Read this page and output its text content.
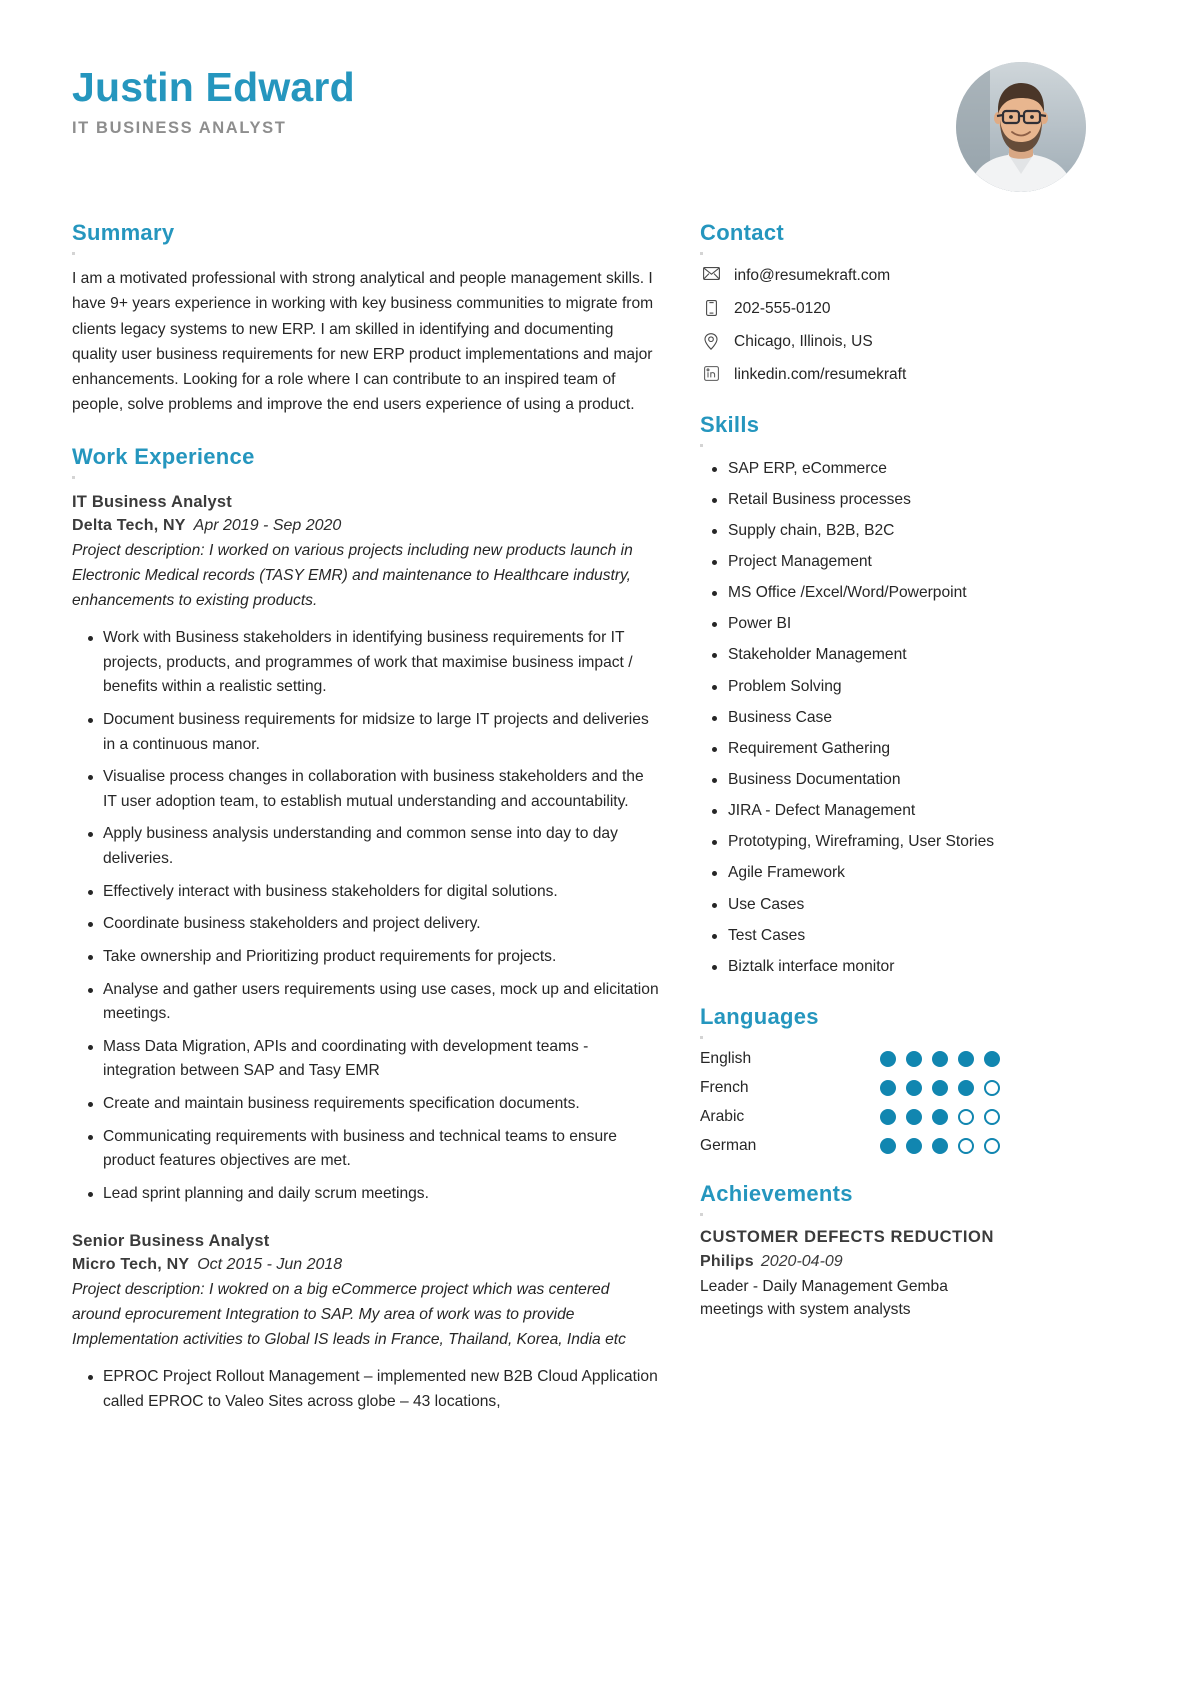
Justin Edward
IT BUSINESS ANALYST
Summary

I am a motivated professional with strong analytical and people management skills. I have 9+ years experience in working with key business communities to migrate from clients legacy systems to new ERP. I am skilled in identifying and documenting quality user business requirements for new ERP product implementations and major enhancements. Looking for a role where I can contribute to an inspired team of people, solve problems and improve the end users experience of using a product.

Work Experience
IT Business Analyst
Delta Tech, NY Apr 2019 - Sep 2020
Project description: I worked on various projects including new products launch in Electronic Medical records (TASY EMR) and maintenance to Healthcare industry, enhancements to existing products.
Work with Business stakeholders in identifying business requirements for IT projects, products, and programmes of work that maximise business impact / benefits within a realistic setting.
Document business requirements for midsize to large IT projects and deliveries in a continuous manor.
Visualise process changes in collaboration with business stakeholders and the IT user adoption team, to establish mutual understanding and accountability.
Apply business analysis understanding and common sense into day to day deliveries.
Effectively interact with business stakeholders for digital solutions.
Coordinate business stakeholders and project delivery.
Take ownership and Prioritizing product requirements for projects.
Analyse and gather users requirements using use cases, mock up and elicitation meetings.
Mass Data Migration, APIs and coordinating with development teams - integration between SAP and Tasy EMR
Create and maintain business requirements specification documents.
Communicating requirements with business and technical teams to ensure product features objectives are met.
Lead sprint planning and daily scrum meetings.
Senior Business Analyst
Micro Tech, NY Oct 2015 - Jun 2018
Project description: I wokred on a big eCommerce project which was centered around eprocurement Integration to SAP. My area of work was to provide Implementation activities to Global IS leads in France, Thailand, Korea, India etc
EPROC Project Rollout Management – implemented new B2B Cloud Application called EPROC to Valeo Sites across globe – 43 locations,
Contact
info@resumekraft.com
202-555-0120
Chicago, Illinois, US
linkedin.com/resumekraft
Skills
SAP ERP, eCommerce
Retail Business processes
Supply chain, B2B, B2C
Project Management
MS Office /Excel/Word/Powerpoint
Power BI
Stakeholder Management
Problem Solving
Business Case
Requirement Gathering
Business Documentation
JIRA - Defect Management
Prototyping, Wireframing, User Stories
Agile Framework
Use Cases
Test Cases
Biztalk interface monitor
Languages
English
French
Arabic
German
Achievements
CUSTOMER DEFECTS REDUCTION
Philips 2020-04-09
Leader - Daily Management Gemba meetings with system analysts
